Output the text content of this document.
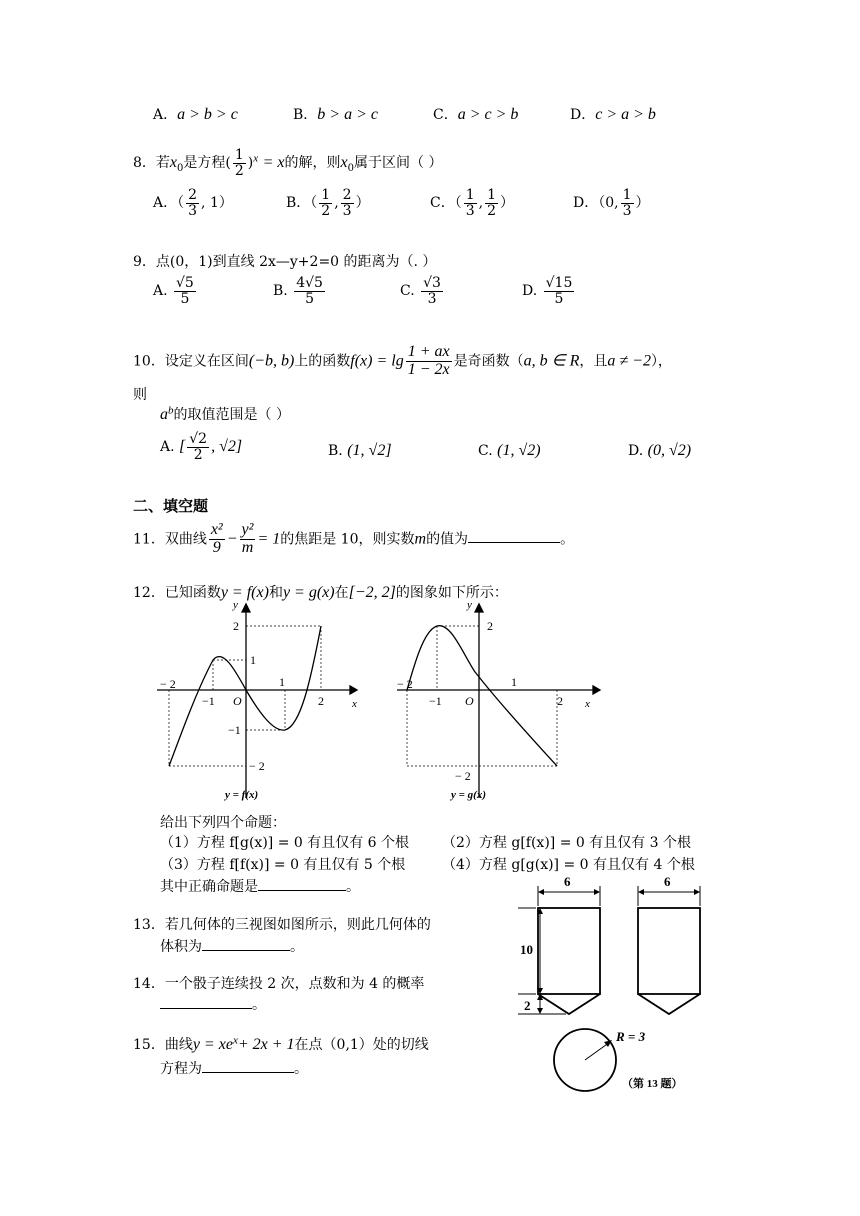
A．a > b > c	B．b > a > c	C．a > c > b	D．c > a > b
8．若$x_0$是方程( $\frac{1}{2} )^x = x$的解，则$x_0$属于区间（ ）
A．（ $\frac{2}{3}$ , 1）	B．（ $\frac{1}{2}$ , $\frac{2}{3}$ ）	C．（ $\frac{1}{3}$ , $\frac{1}{2}$ ）	D．（0, $\frac{1}{3}$ ）
9．点(0，1)到直线 2x—y+2=0 的距离为（. ）
A. $\frac{√5}{5}$	B. $\frac{4√5}{5}$	C. $\frac{√3}{3}$	D. $\frac{√15}{5}$
10．设定义在区间(−b, b)上的函数$f(x) = \lg \frac{1 + ax}{1 - 2x}$ 是奇函数（a, b ∈ R，且a ≠ −2），
则
$a^b$的取值范围是（ ）
A. [ $\frac{√2}{2}$ , √2]	B. (1, √2]	C. (1, √2)	D. (0, √2)
二、填空题
11．双曲线 $\frac{\text{x²}}{9} - \frac{\text{y²}}{m} = 1$的焦距是 10，则实数m的值为	。
12．已知函数y = f(x)和y = g(x)在[−2, 2]的图象如下所示：
y
x
− 2
−1 O
1
2
1
2
−1
− 2
y = f(x)
y
x
− 2
−1 O
1
2
2
− 2
y = g(x)
给出下列四个命题：
（1）方程 f[g(x)] = 0 有且仅有 6 个根 （2）方程 g[f(x)] = 0 有且仅有 3 个根
（3）方程 f[f(x)] = 0 有且仅有 5 个根	（4）方程 g[g(x)] = 0 有且仅有 4 个根
其中正确命题是	。
13．若几何体的三视图如图所示，则此几何体的
体积为	。
14．一个骰子连续投 2 次，点数和为 4 的概率
。
15．曲线$y = xe^x+ 2x + 1$在点（0,1）处的切线
方程为	。
6	6
10
2
R = 3
（第 13 题）
